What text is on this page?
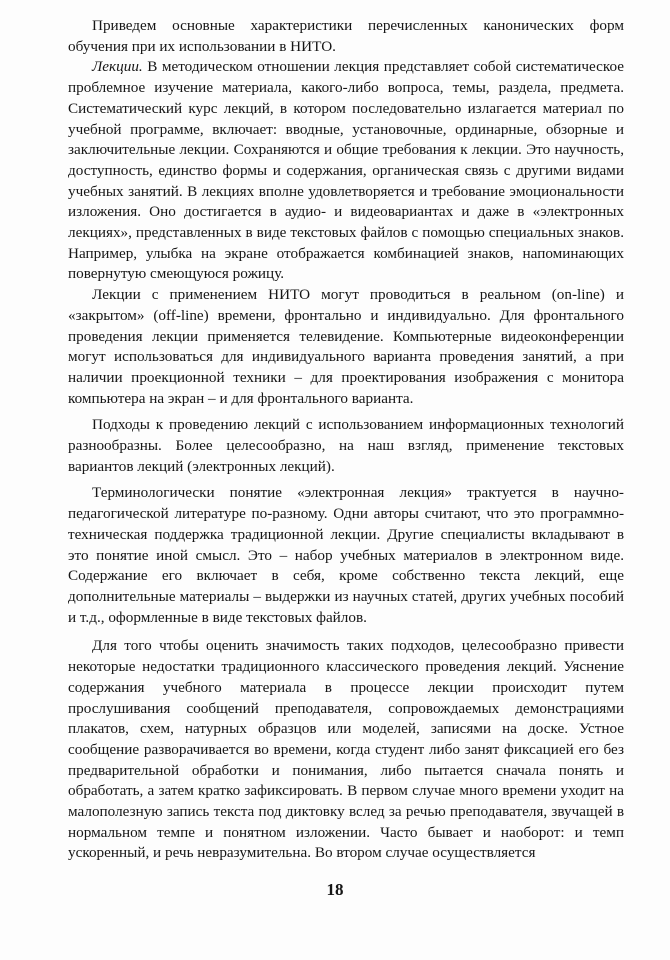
Приведем основные характеристики перечисленных канонических форм обучения при их использовании в НИТО.

Лекции. В методическом отношении лекция представляет собой систематическое проблемное изучение материала, какого-либо вопроса, темы, раздела, предмета. Систематический курс лекций, в котором последовательно излагается материал по учебной программе, включает: вводные, установочные, ординарные, обзорные и заключительные лекции. Сохраняются и общие требования к лекции. Это научность, доступность, единство формы и содержания, органическая связь с другими видами учебных занятий. В лекциях вполне удовлетворяется и требование эмоциональности изложения. Оно достигается в аудио- и видеовариантах и даже в «электронных лекциях», представленных в виде текстовых файлов с помощью специальных знаков. Например, улыбка на экране отображается комбинацией знаков, напоминающих повернутую смеющуюся рожицу.

Лекции с применением НИТО могут проводиться в реальном (on-line) и «закрытом» (off-line) времени, фронтально и индивидуально. Для фронтального проведения лекции применяется телевидение. Компьютерные видеоконференции могут использоваться для индивидуального варианта проведения занятий, а при наличии проекционной техники – для проектирования изображения с монитора компьютера на экран – и для фронтального варианта.

Подходы к проведению лекций с использованием информационных технологий разнообразны. Более целесообразно, на наш взгляд, применение текстовых вариантов лекций (электронных лекций).

Терминологически понятие «электронная лекция» трактуется в научно-педагогической литературе по-разному. Одни авторы считают, что это программно-техническая поддержка традиционной лекции. Другие специалисты вкладывают в это понятие иной смысл. Это – набор учебных материалов в электронном виде. Содержание его включает в себя, кроме собственно текста лекций, еще дополнительные материалы – выдержки из научных статей, других учебных пособий и т.д., оформленные в виде текстовых файлов.

Для того чтобы оценить значимость таких подходов, целесообразно привести некоторые недостатки традиционного классического проведения лекций. Уяснение содержания учебного материала в процессе лекции происходит путем прослушивания сообщений преподавателя, сопровождаемых демонстрациями плакатов, схем, натурных образцов или моделей, записями на доске. Устное сообщение разворачивается во времени, когда студент либо занят фиксацией его без предварительной обработки и понимания, либо пытается сначала понять и обработать, а затем кратко зафиксировать. В первом случае много времени уходит на малополезную запись текста под диктовку вслед за речью преподавателя, звучащей в нормальном темпе и понятном изложении. Часто бывает и наоборот: и темп ускоренный, и речь невразумительна. Во втором случае осуществляется

18
